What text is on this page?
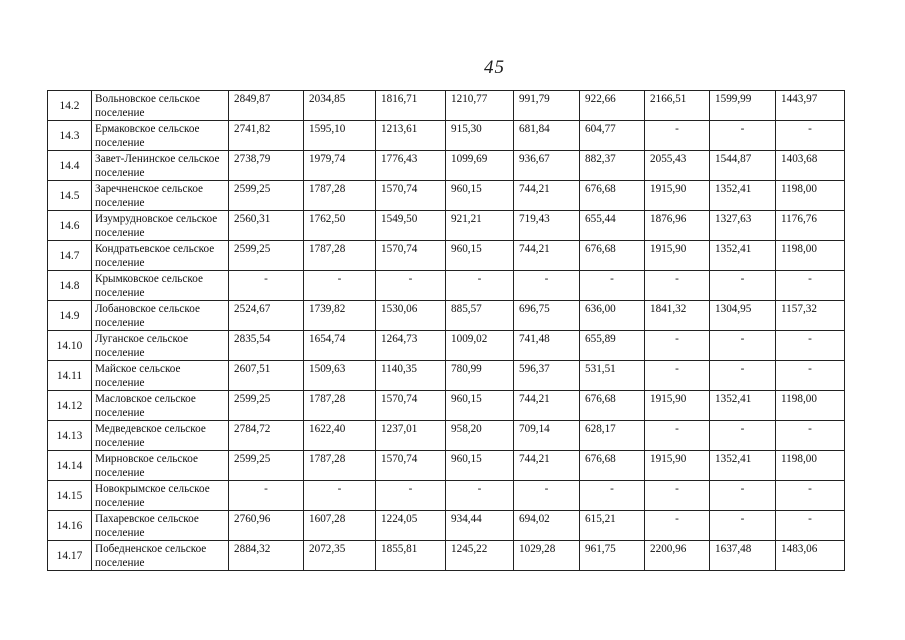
45
14.2	Вольновское сельское поселение	2849,87	2034,85	1816,71	1210,77	991,79	922,66	2166,51	1599,99	1443,97
14.3	Ермаковское сельское поселение	2741,82	1595,10	1213,61	915,30	681,84	604,77	-	-	-
14.4	Завет-Ленинское сельское поселение	2738,79	1979,74	1776,43	1099,69	936,67	882,37	2055,43	1544,87	1403,68
14.5	Заречненское сельское поселение	2599,25	1787,28	1570,74	960,15	744,21	676,68	1915,90	1352,41	1198,00
14.6	Изумрудновское сельское поселение	2560,31	1762,50	1549,50	921,21	719,43	655,44	1876,96	1327,63	1176,76
14.7	Кондратьевское сельское поселение	2599,25	1787,28	1570,74	960,15	744,21	676,68	1915,90	1352,41	1198,00
14.8	Крымковское сельское поселение	-	-	-	-	-	-	-	-	-
14.9	Лобановское сельское поселение	2524,67	1739,82	1530,06	885,57	696,75	636,00	1841,32	1304,95	1157,32
14.10	Луганское сельское поселение	2835,54	1654,74	1264,73	1009,02	741,48	655,89	-	-	-
14.11	Майское сельское поселение	2607,51	1509,63	1140,35	780,99	596,37	531,51	-	-	-
14.12	Масловское сельское поселение	2599,25	1787,28	1570,74	960,15	744,21	676,68	1915,90	1352,41	1198,00
14.13	Медведевское сельское поселение	2784,72	1622,40	1237,01	958,20	709,14	628,17	-	-	-
14.14	Мирновское сельское поселение	2599,25	1787,28	1570,74	960,15	744,21	676,68	1915,90	1352,41	1198,00
14.15	Новокрымское сельское поселение	-	-	-	-	-	-	-	-	-
14.16	Пахаревское сельское поселение	2760,96	1607,28	1224,05	934,44	694,02	615,21	-	-	-
14.17	Победненское сельское поселение	2884,32	2072,35	1855,81	1245,22	1029,28	961,75	2200,96	1637,48	1483,06
